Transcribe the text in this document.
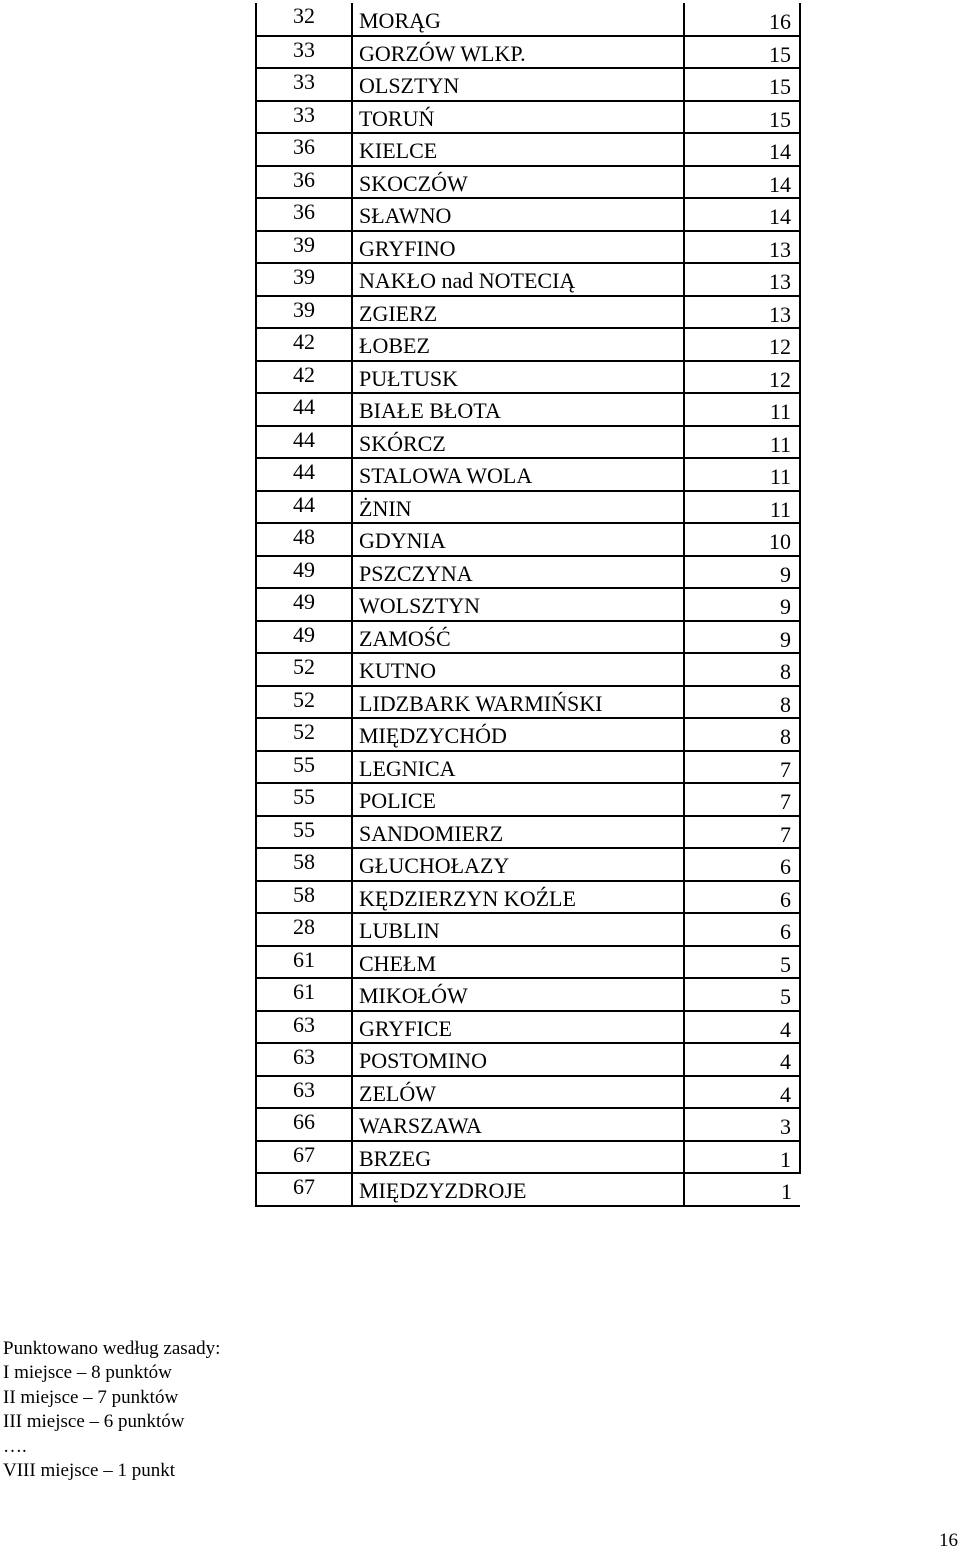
32	MORĄG	16
33	GORZÓW WLKP.	15
33	OLSZTYN	15
33	TORUŃ	15
36	KIELCE	14
36	SKOCZÓW	14
36	SŁAWNO	14
39	GRYFINO	13
39	NAKŁO nad NOTECIĄ	13
39	ZGIERZ	13
42	ŁOBEZ	12
42	PUŁTUSK	12
44	BIAŁE BŁOTA	11
44	SKÓRCZ	11
44	STALOWA WOLA	11
44	ŻNIN	11
48	GDYNIA	10
49	PSZCZYNA	9
49	WOLSZTYN	9
49	ZAMOŚĆ	9
52	KUTNO	8
52	LIDZBARK WARMIŃSKI	8
52	MIĘDZYCHÓD	8
55	LEGNICA	7
55	POLICE	7
55	SANDOMIERZ	7
58	GŁUCHOŁAZY	6
58	KĘDZIERZYN KOŹLE	6
28	LUBLIN	6
61	CHEŁM	5
61	MIKOŁÓW	5
63	GRYFICE	4
63	POSTOMINO	4
63	ZELÓW	4
66	WARSZAWA	3
67	BRZEG	1
67	MIĘDZYZDROJE	1
Punktowano według zasady:
I miejsce – 8 punktów
II miejsce – 7 punktów
III miejsce – 6 punktów
….
VIII miejsce – 1 punkt
16
